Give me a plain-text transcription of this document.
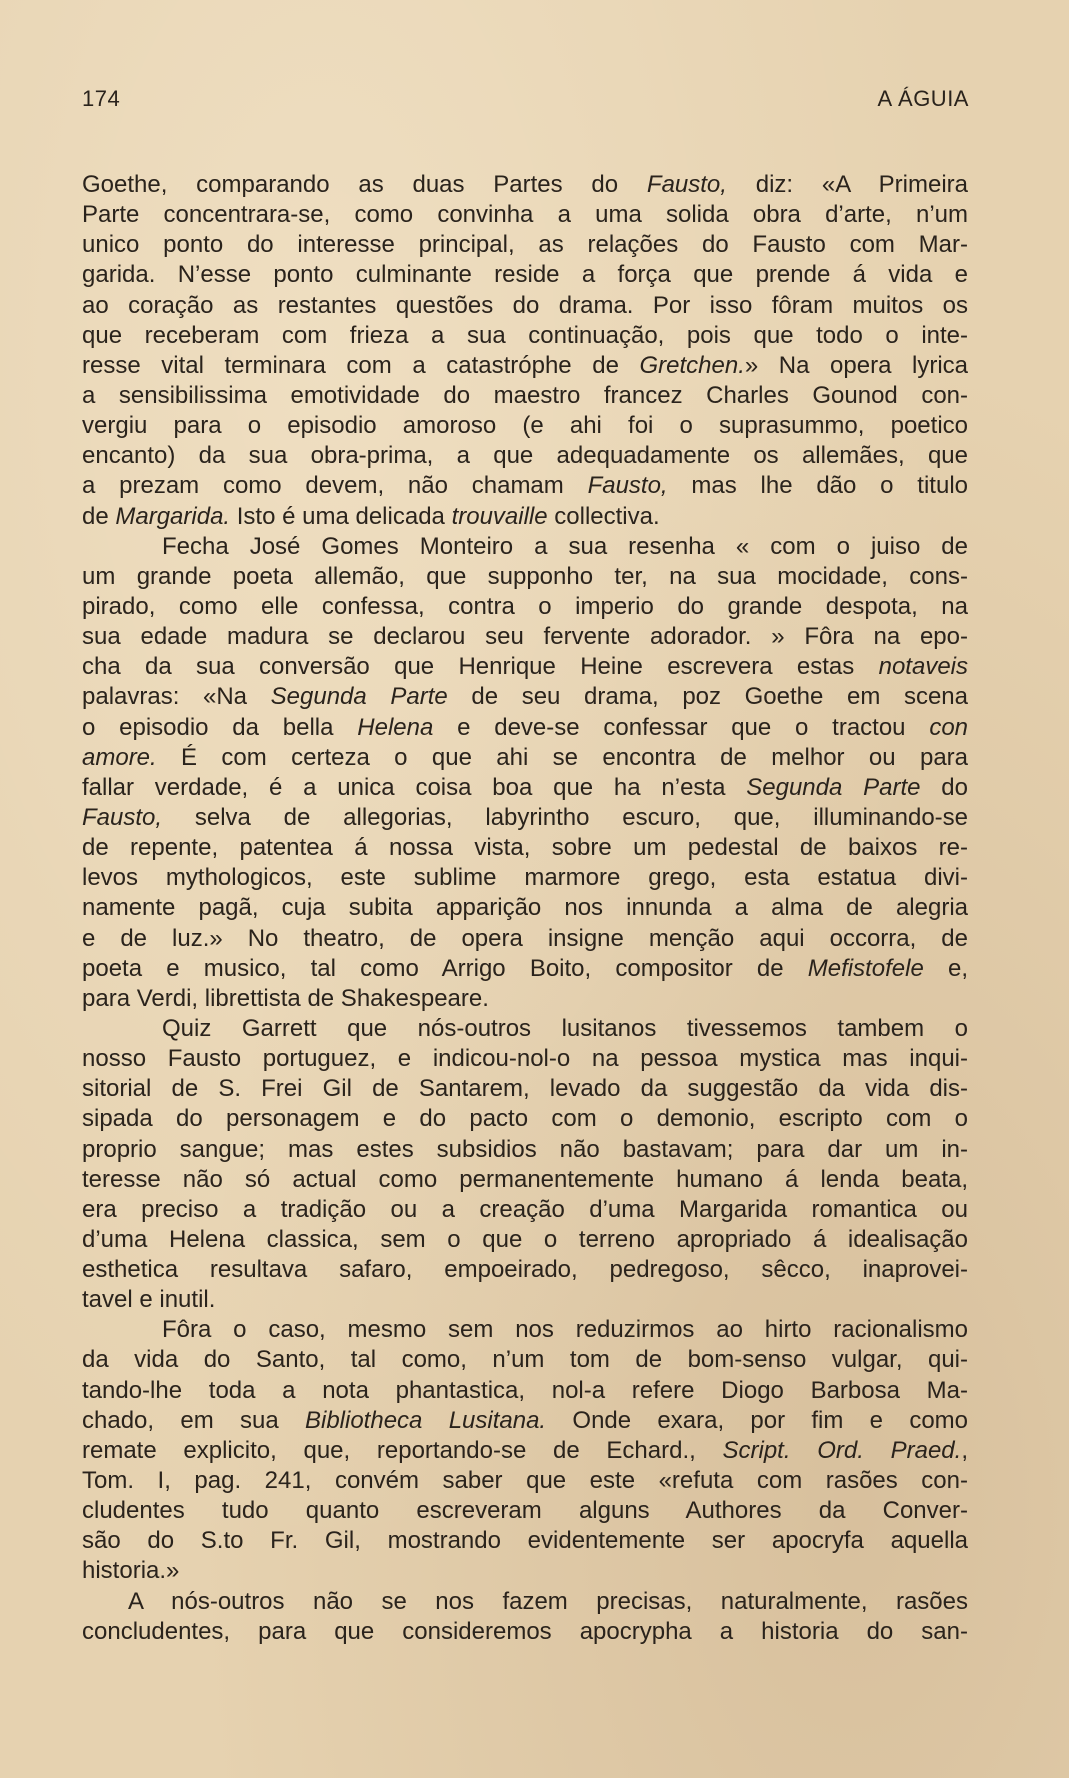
174	A ÁGUIA
Goethe, comparando as duas Partes do Fausto, diz: «A Primeira
Parte concentrara-se, como convinha a uma solida obra d’arte, n’um
unico ponto do interesse principal, as relações do Fausto com Mar-
garida. N’esse ponto culminante reside a força que prende á vida e
ao coração as restantes questões do drama. Por isso fôram muitos os
que receberam com frieza a sua continuação, pois que todo o inte-
resse vital terminara com a catastróphe de Gretchen.» Na opera lyrica
a sensibilissima emotividade do maestro francez Charles Gounod con-
vergiu para o episodio amoroso (e ahi foi o suprasummo, poetico
encanto) da sua obra-prima, a que adequadamente os allemães, que
a prezam como devem, não chamam Fausto, mas lhe dão o titulo
de Margarida. Isto é uma delicada trouvaille collectiva.
Fecha José Gomes Monteiro a sua resenha « com o juiso de
um grande poeta allemão, que supponho ter, na sua mocidade, cons-
pirado, como elle confessa, contra o imperio do grande despota, na
sua edade madura se declarou seu fervente adorador. » Fôra na epo-
cha da sua conversão que Henrique Heine escrevera estas notaveis
palavras: «Na Segunda Parte de seu drama, poz Goethe em scena
o episodio da bella Helena e deve-se confessar que o tractou con
amore. É com certeza o que ahi se encontra de melhor ou para
fallar verdade, é a unica coisa boa que ha n’esta Segunda Parte do
Fausto, selva de allegorias, labyrintho escuro, que, illuminando-se
de repente, patentea á nossa vista, sobre um pedestal de baixos re-
levos mythologicos, este sublime marmore grego, esta estatua divi-
namente pagã, cuja subita apparição nos innunda a alma de alegria
e de luz.» No theatro, de opera insigne menção aqui occorra, de
poeta e musico, tal como Arrigo Boito, compositor de Mefistofele e,
para Verdi, librettista de Shakespeare.
Quiz Garrett que nós-outros lusitanos tivessemos tambem o
nosso Fausto portuguez, e indicou-nol-o na pessoa mystica mas inqui-
sitorial de S. Frei Gil de Santarem, levado da suggestão da vida dis-
sipada do personagem e do pacto com o demonio, escripto com o
proprio sangue; mas estes subsidios não bastavam; para dar um in-
teresse não só actual como permanentemente humano á lenda beata,
era preciso a tradição ou a creação d’uma Margarida romantica ou
d’uma Helena classica, sem o que o terreno apropriado á idealisação
esthetica resultava safaro, empoeirado, pedregoso, sêcco, inaprovei-
tavel e inutil.
Fôra o caso, mesmo sem nos reduzirmos ao hirto racionalismo
da vida do Santo, tal como, n’um tom de bom-senso vulgar, qui-
tando-lhe toda a nota phantastica, nol-a refere Diogo Barbosa Ma-
chado, em sua Bibliotheca Lusitana. Onde exara, por fim e como
remate explicito, que, reportando-se de Echard., Script. Ord. Praed.,
Tom. I, pag. 241, convém saber que este «refuta com rasões con-
cludentes tudo quanto escreveram alguns Authores da Conver-
são do S.to Fr. Gil, mostrando evidentemente ser apocryfa aquella
historia.»
A nós-outros não se nos fazem precisas, naturalmente, rasões
concludentes, para que consideremos apocrypha a historia do san-
